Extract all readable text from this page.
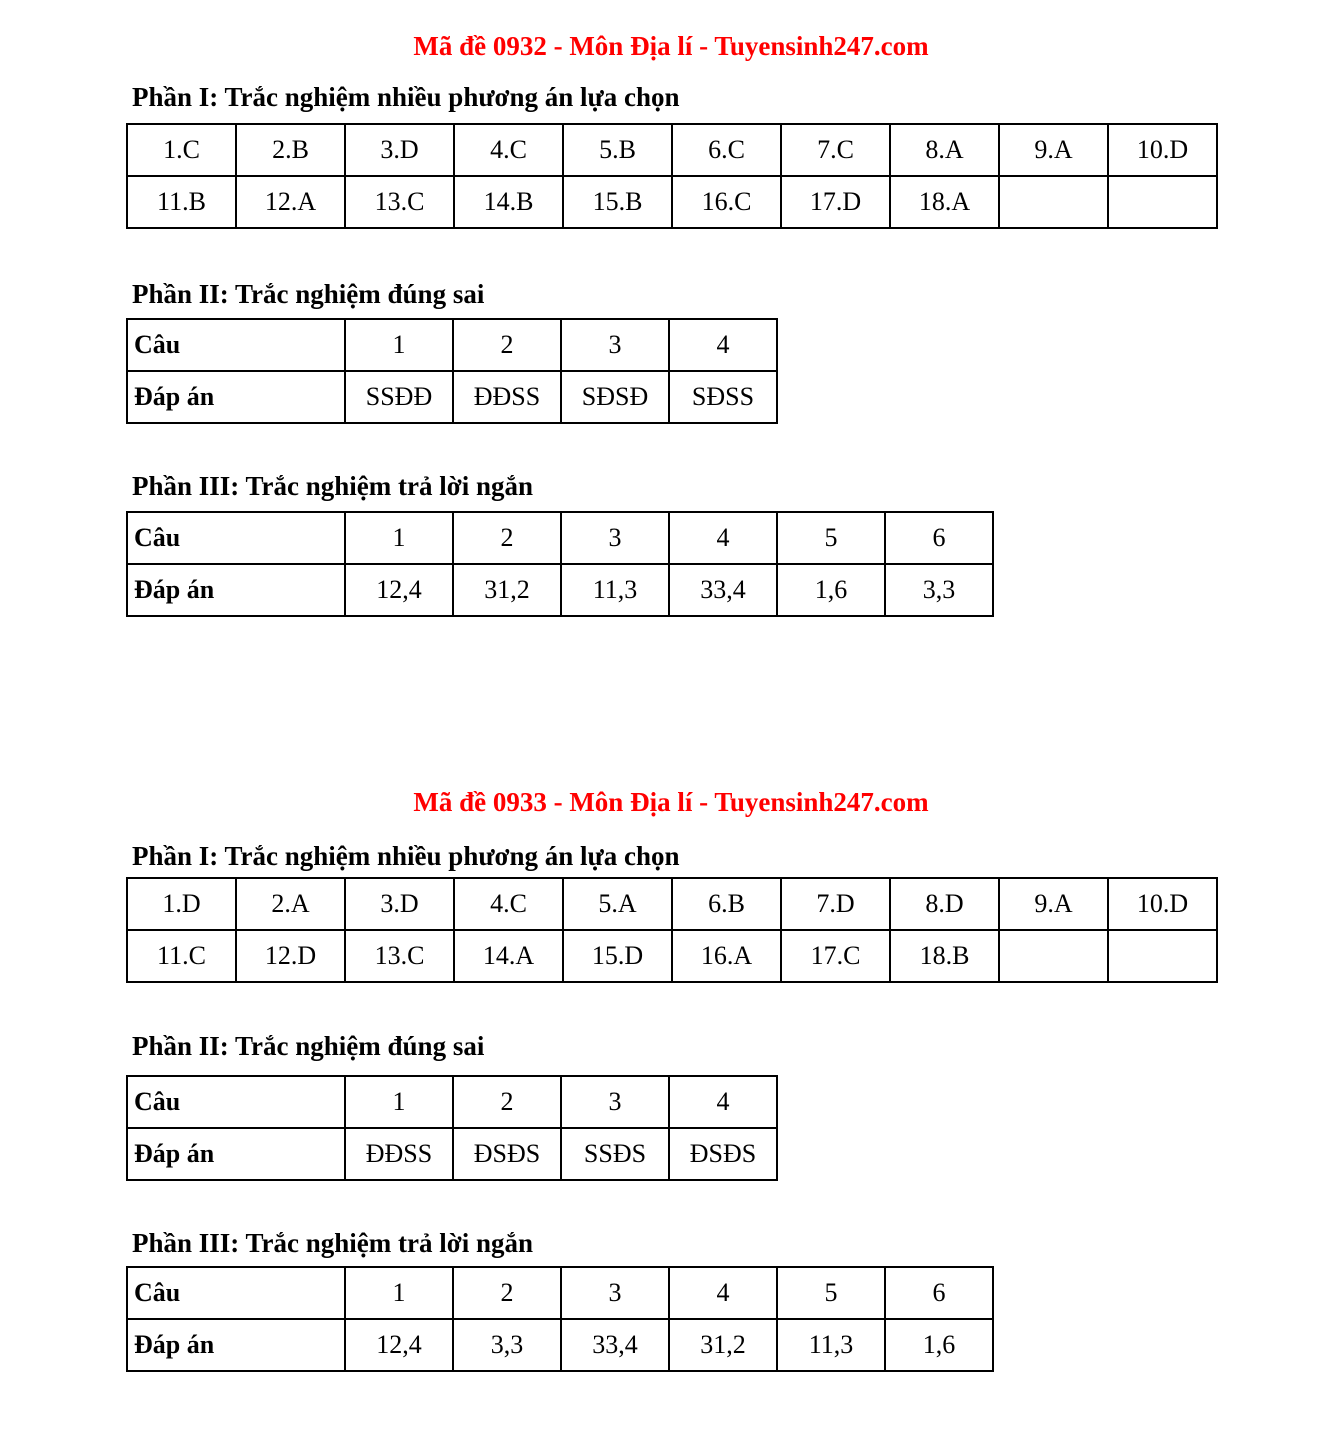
Mã đề 0932 - Môn Địa lí - Tuyensinh247.com
Phần I: Trắc nghiệm nhiều phương án lựa chọn
1.C	2.B	3.D	4.C	5.B	6.C	7.C	8.A	9.A	10.D
11.B	12.A	13.C	14.B	15.B	16.C	17.D	18.A		
Phần II: Trắc nghiệm đúng sai
Câu	1	2	3	4
Đáp án	SSĐĐ	ĐĐSS	SĐSĐ	SĐSS
Phần III: Trắc nghiệm trả lời ngắn
Câu	1	2	3	4	5	6
Đáp án	12,4	31,2	11,3	33,4	1,6	3,3
Mã đề 0933 - Môn Địa lí - Tuyensinh247.com
Phần I: Trắc nghiệm nhiều phương án lựa chọn
1.D	2.A	3.D	4.C	5.A	6.B	7.D	8.D	9.A	10.D
11.C	12.D	13.C	14.A	15.D	16.A	17.C	18.B		
Phần II: Trắc nghiệm đúng sai
Câu	1	2	3	4
Đáp án	ĐĐSS	ĐSĐS	SSĐS	ĐSĐS
Phần III: Trắc nghiệm trả lời ngắn
Câu	1	2	3	4	5	6
Đáp án	12,4	3,3	33,4	31,2	11,3	1,6
